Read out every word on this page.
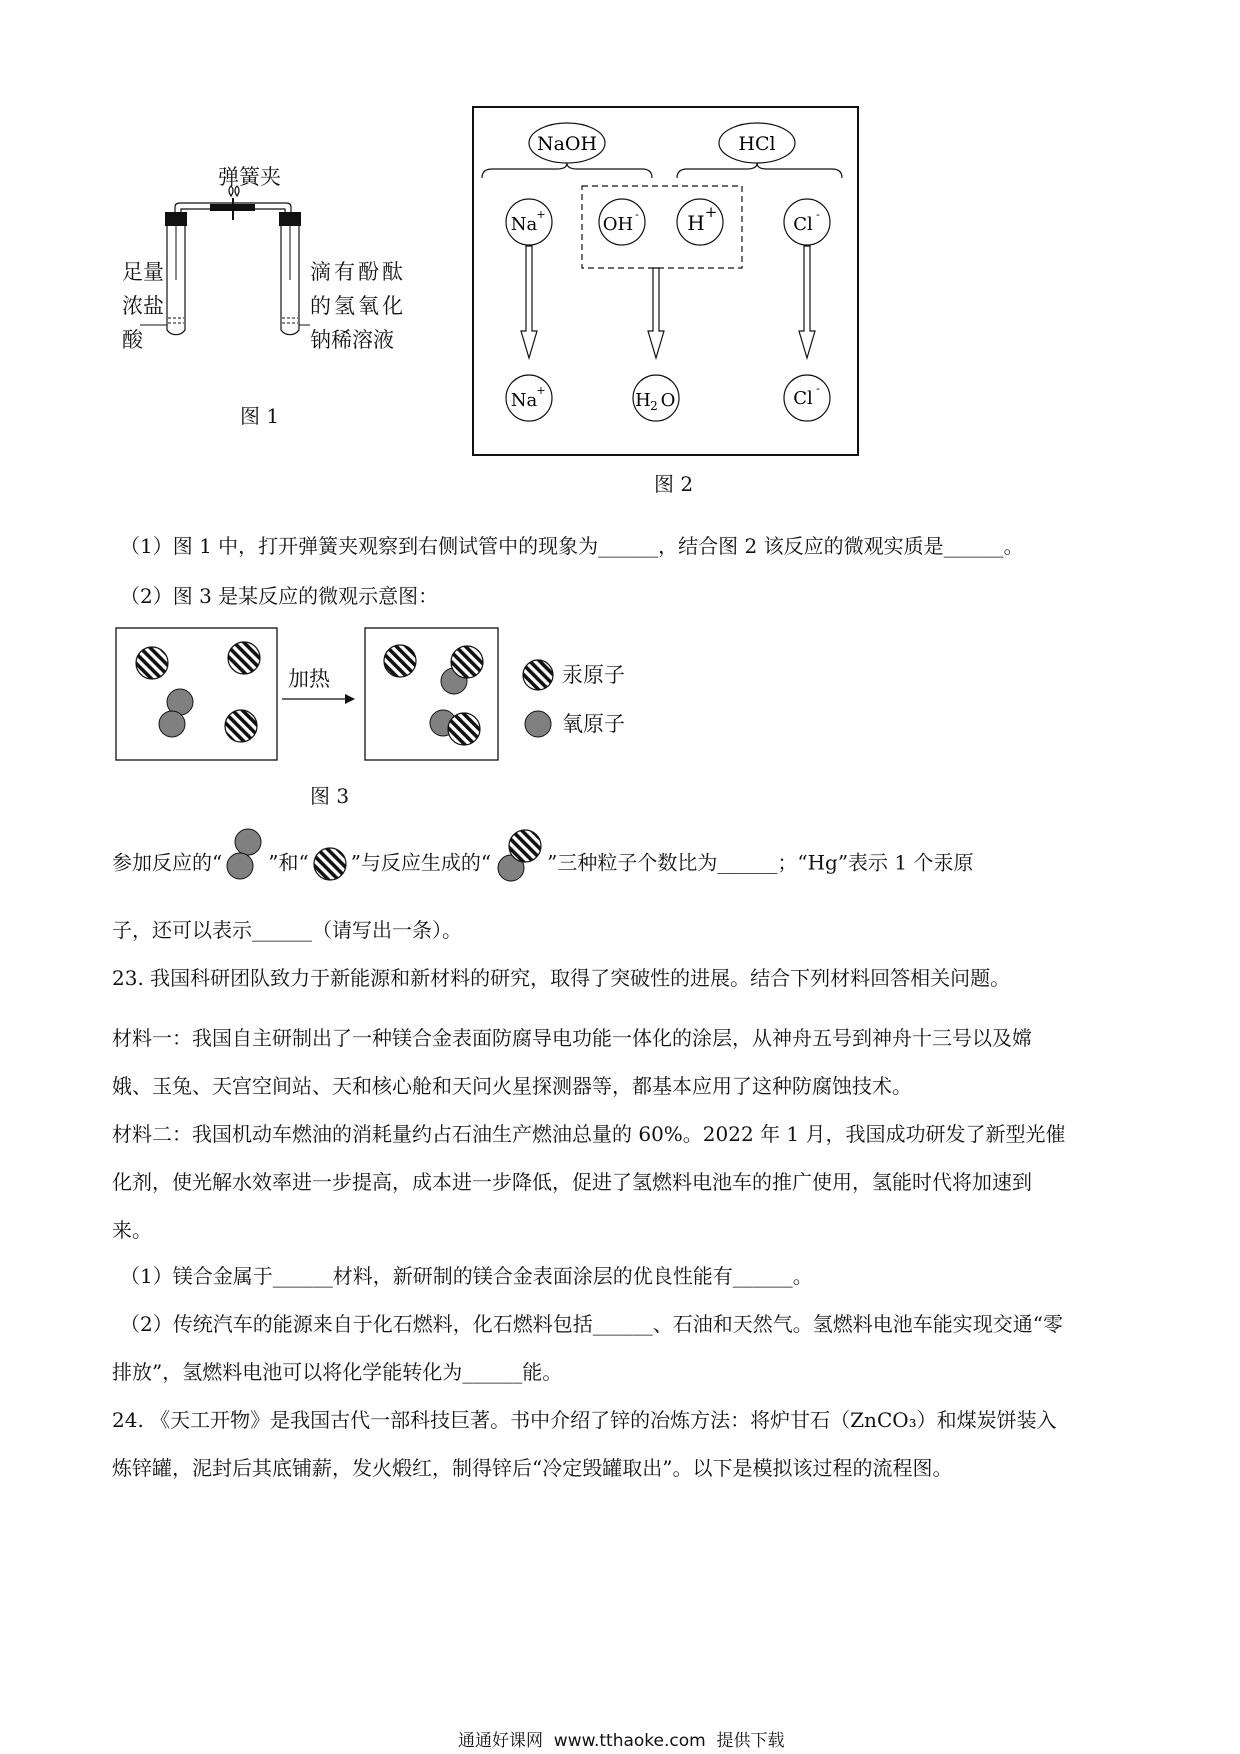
弹簧夹
足量
浓盐
酸
滴有酚酞
的氢氧化
钠稀溶液
图 1
NaOH	HCl
Na +	OH - H +
Cl -
Na +	H 2 O	Cl -
图 2
（1）图 1 中，打开弹簧夹观察到右侧试管中的现象为______，结合图 2 该反应的微观实质是______。
（2）图 3 是某反应的微观示意图：
加热	汞原子
氧原子
图 3
参加反应的“ ”和“ ”与反应生成的“	”三种粒子个数比为______；“Hg”表示 1 个汞原
子，还可以表示______（请写出一条）。
23. 我国科研团队致力于新能源和新材料的研究，取得了突破性的进展。结合下列材料回答相关问题。
材料一：我国自主研制出了一种镁合金表面防腐导电功能一体化的涂层，从神舟五号到神舟十三号以及嫦
娥、玉兔、天宫空间站、天和核心舱和天问火星探测器等，都基本应用了这种防腐蚀技术。
材料二：我国机动车燃油的消耗量约占石油生产燃油总量的 60%。2022 年 1 月，我国成功研发了新型光催
化剂，使光解水效率进一步提高，成本进一步降低，促进了氢燃料电池车的推广使用，氢能时代将加速到
来。
（1）镁合金属于______材料，新研制的镁合金表面涂层的优良性能有______。
（2）传统汽车的能源来自于化石燃料，化石燃料包括______、石油和天然气。氢燃料电池车能实现交通“零
排放”，氢燃料电池可以将化学能转化为______能。
24. 《天工开物》是我国古代一部科技巨著。书中介绍了锌的冶炼方法：将炉甘石（ZnCO₃）和煤炭饼装入
炼锌罐，泥封后其底铺薪，发火煅红，制得锌后“冷定毁罐取出”。以下是模拟该过程的流程图。
通通好课网  www.tthaoke.com  提供下载
